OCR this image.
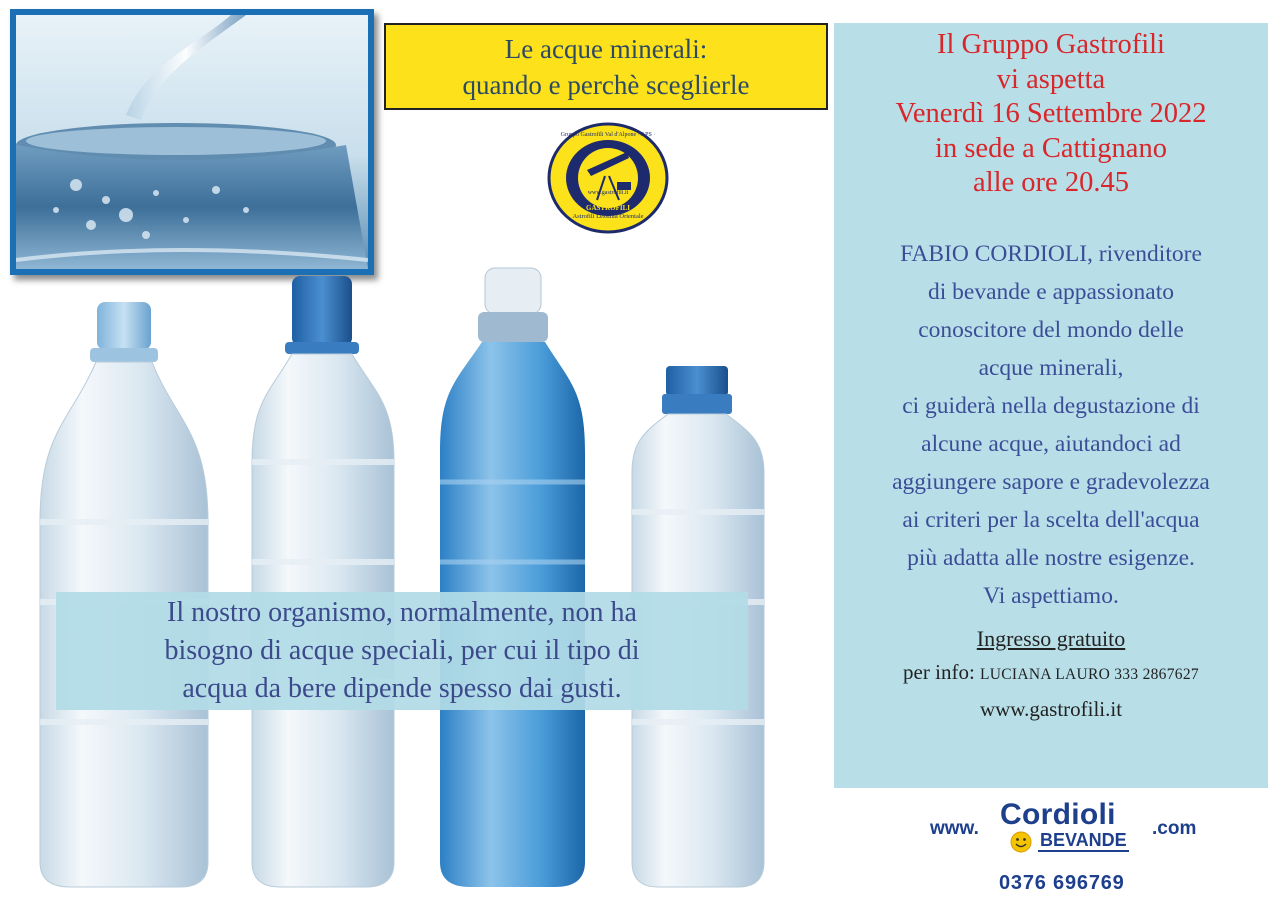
Le acque minerali:
quando e perchè sceglierle
www.gastrofili.it
Astrofili Lessinia Orientale
Gruppo Gastrofili Val d'Alpone · APS ·
GASTROFILI
Il nostro organismo, normalmente, non ha
bisogno di acque speciali, per cui il tipo di
acqua da bere dipende spesso dai gusti.
Il Gruppo Gastrofili
vi aspetta
Venerdì 16 Settembre 2022
in sede a Cattignano
alle ore 20.45
FABIO CORDIOLI, rivenditore
di bevande e appassionato
conoscitore del mondo delle
acque minerali,
ci guiderà nella degustazione di
alcune acque, aiutandoci ad
aggiungere sapore e gradevolezza
ai criteri per la scelta dell'acqua
più adatta alle nostre esigenze.
Vi aspettiamo.
Ingresso gratuito
per info: LUCIANA LAURO 333 2867627
www.gastrofili.it
www. Cordioli
BEVANDE
.com
0376 696769
